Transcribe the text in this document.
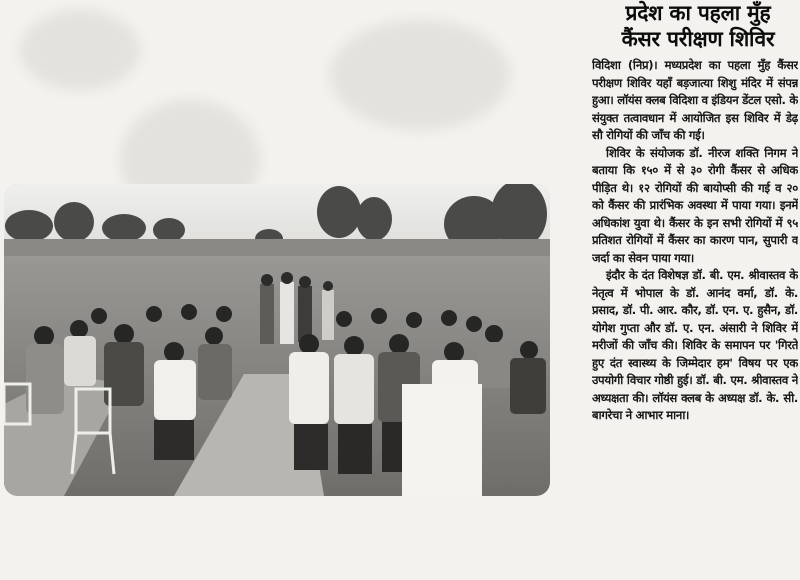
प्रदेश का पहला मुँह
कैंसर परीक्षण शिविर

विदिशा (निप्र)। मध्यप्रदेश का पहला मुँह कैंसर परीक्षण शिविर यहाँ बड़जात्या शिशु मंदिर में संपन्न हुआ। लॉयंस क्लब विदिशा व इंडियन डेंटल एसो. के संयुक्त तत्वावधान में आयोजित इस शिविर में डेढ़ सौ रोगियों की जाँच की गई।

शिविर के संयोजक डॉ. नीरज शक्ति निगम ने बताया कि १५० में से ३० रोगी कैंसर से अधिक पीड़ित थे। १२ रोगियों की बायोप्सी की गई व २० को कैंसर की प्रारंभिक अवस्था में पाया गया। इनमें अधिकांश युवा थे। कैंसर के इन सभी रोगियों में ९५ प्रतिशत रोगियों में कैंसर का कारण पान, सुपारी व जर्दा का सेवन पाया गया।

इंदौर के दंत विशेषज्ञ डॉ. बी. एम. श्रीवास्तव के नेतृत्व में भोपाल के डॉ. आनंद वर्मा, डॉ. के. प्रसाद, डॉ. पी. आर. कौर, डॉ. एन. ए. हुसैन, डॉ. योगेश गुप्ता और डॉ. ए. एन. अंसारी ने शिविर में मरीजों की जाँच की। शिविर के समापन पर 'गिरते हुए दंत स्वास्थ्य के जिम्मेदार हम' विषय पर एक उपयोगी विचार गोष्ठी हुई। डॉ. बी. एम. श्रीवास्तव ने अध्यक्षता की। लॉयंस क्लब के अध्यक्ष डॉ. के. सी. बागरेचा ने आभार माना।
